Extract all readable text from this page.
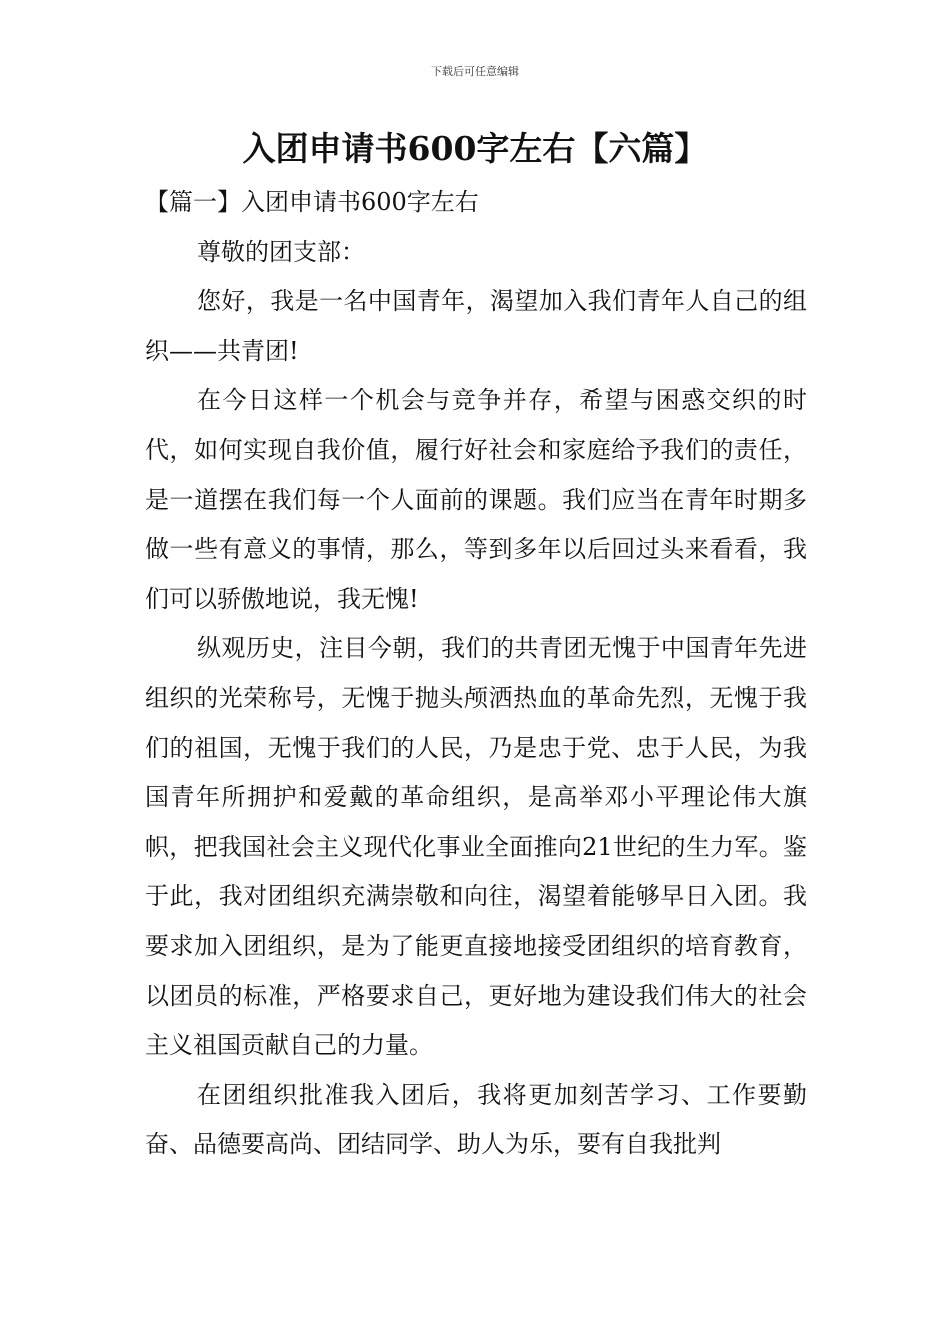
下载后可任意编辑
入团申请书600字左右【六篇】

【篇一】入团申请书600字左右

尊敬的团支部：

您好，我是一名中国青年，渴望加入我们青年人自己的组织——共青团!

在今日这样一个机会与竞争并存，希望与困惑交织的时代，如何实现自我价值，履行好社会和家庭给予我们的责任，是一道摆在我们每一个人面前的课题。我们应当在青年时期多做一些有意义的事情，那么，等到多年以后回过头来看看，我们可以骄傲地说，我无愧!

纵观历史，注目今朝，我们的共青团无愧于中国青年先进组织的光荣称号，无愧于抛头颅洒热血的革命先烈，无愧于我们的祖国，无愧于我们的人民，乃是忠于党、忠于人民，为我国青年所拥护和爱戴的革命组织，是高举邓小平理论伟大旗帜，把我国社会主义现代化事业全面推向21世纪的生力军。鉴于此，我对团组织充满崇敬和向往，渴望着能够早日入团。我要求加入团组织，是为了能更直接地接受团组织的培育教育，以团员的标准，严格要求自己，更好地为建设我们伟大的社会主义祖国贡献自己的力量。

在团组织批准我入团后，我将更加刻苦学习、工作要勤奋、品德要高尚、团结同学、助人为乐，要有自我批判
